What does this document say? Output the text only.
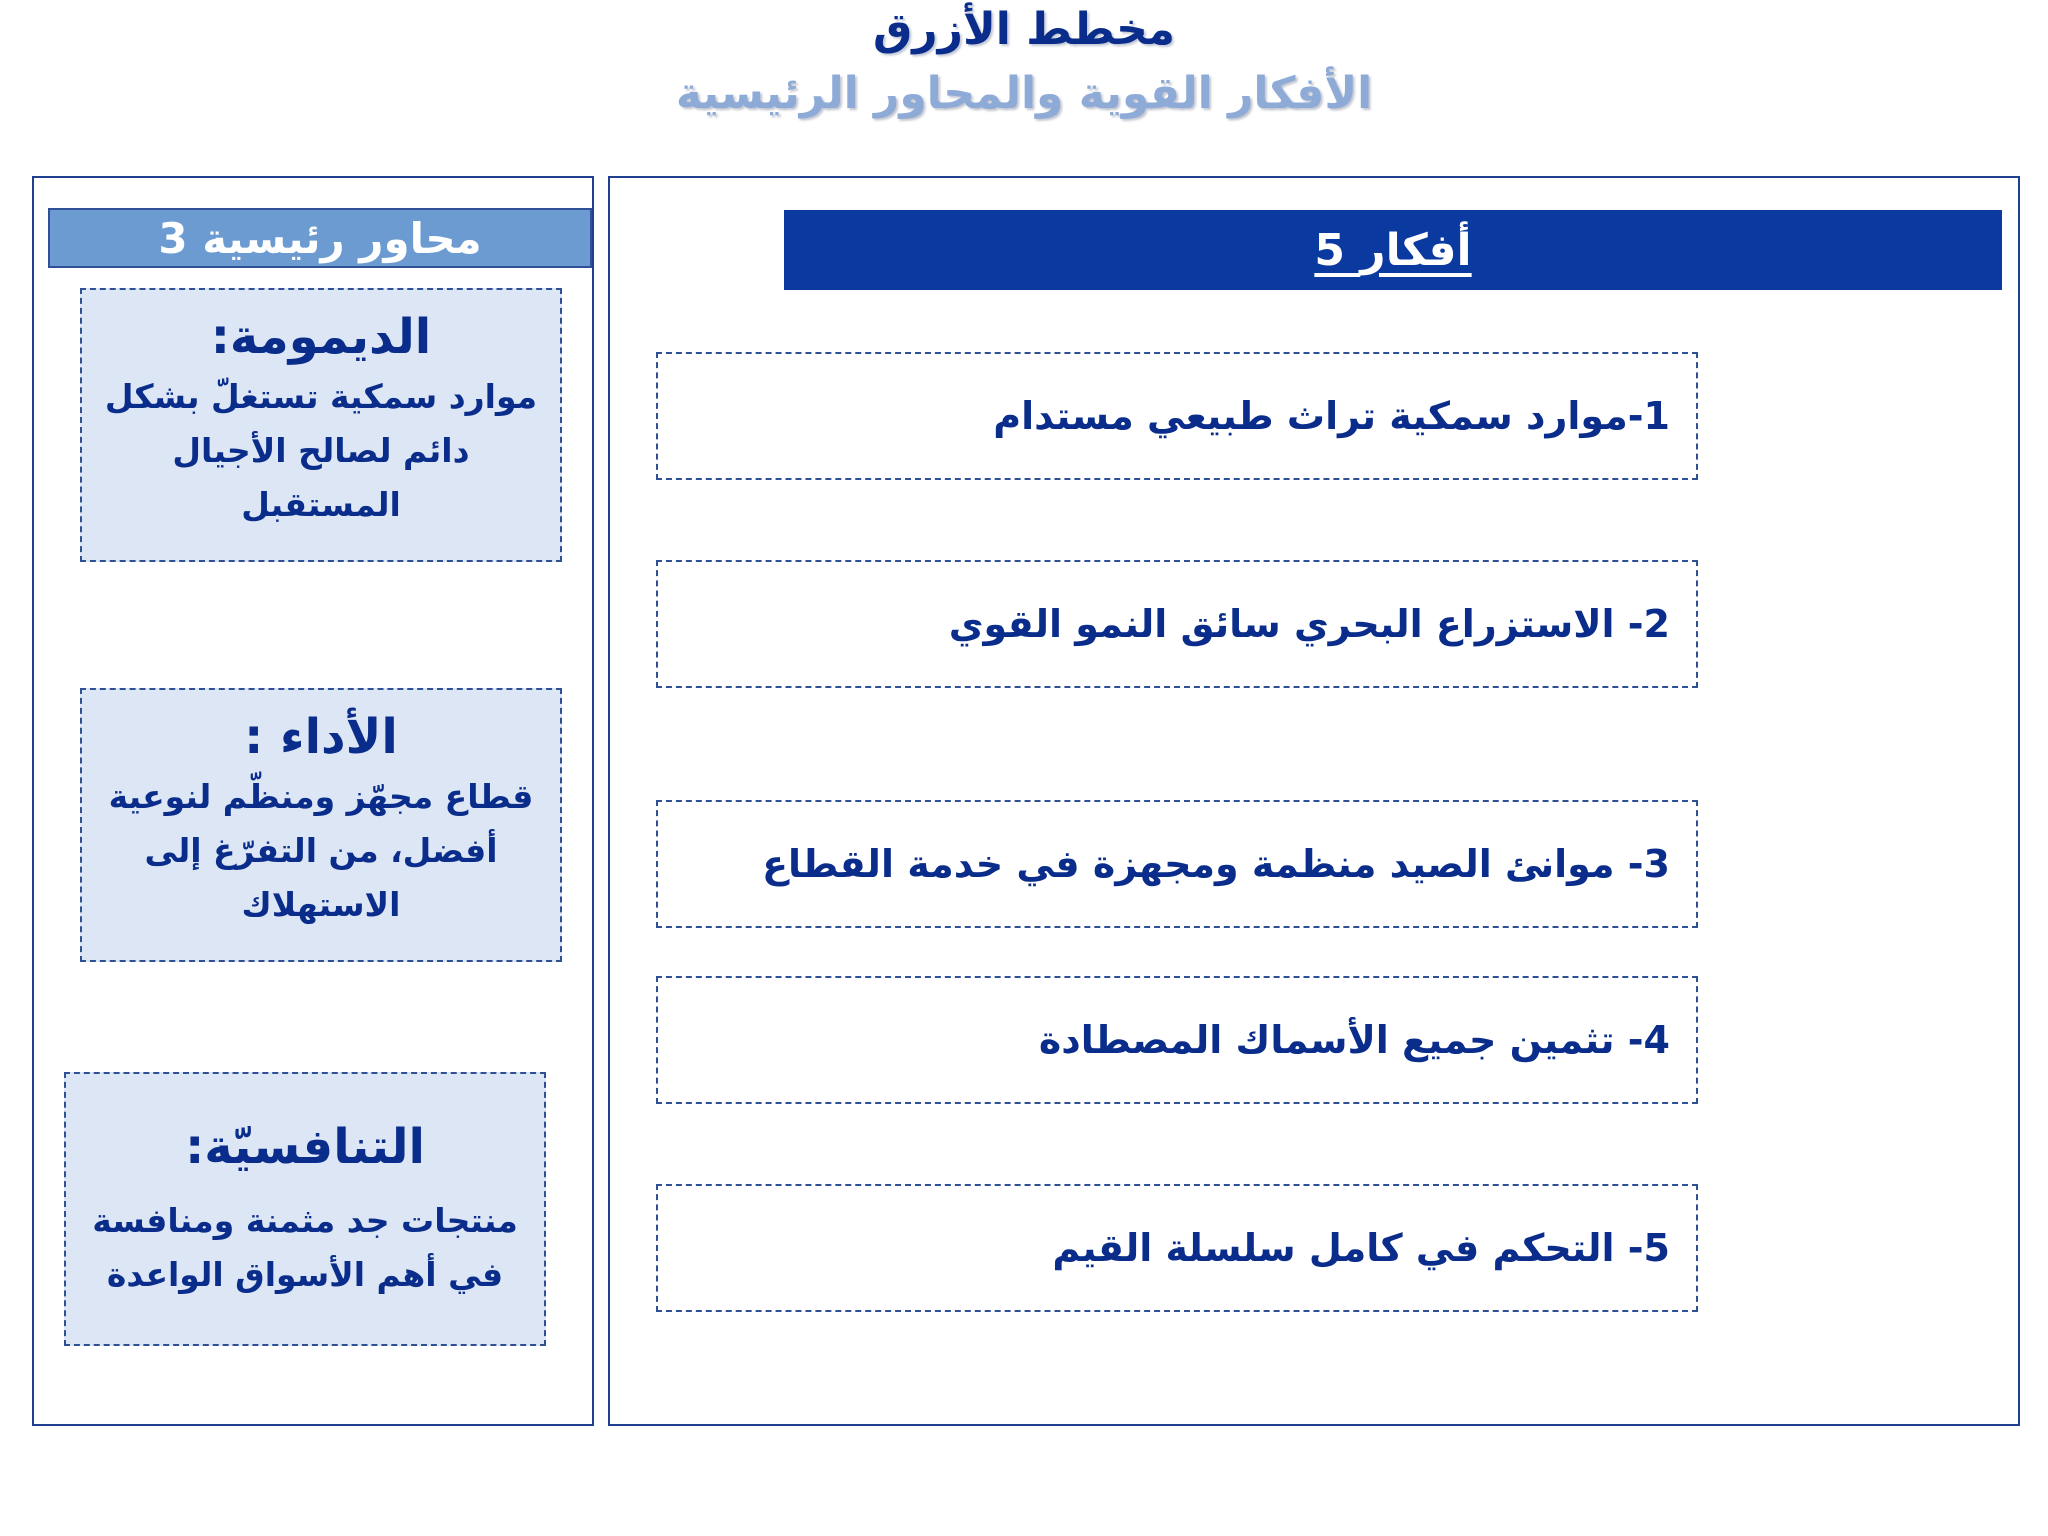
مخطط الأزرق
الأفكار القوية والمحاور الرئيسية
3 محاور رئيسية	5 أفكار
الديمومة:
موارد سمكية تستغلّ بشكل
دائم لصالح الأجيال
المستقبل
الأداء :
قطاع مجهّز ومنظّم لنوعية
أفضل، من التفرّغ إلى
الاستهلاك
التنافسيّة:
منتجات جد مثمنة ومنافسة
في أهم الأسواق الواعدة
1-موارد سمكية تراث طبيعي مستدام
2- الاستزراع البحري سائق النمو القوي
3- موانئ الصيد منظمة ومجهزة في خدمة القطاع
4- تثمين جميع الأسماك المصطادة
5- التحكم في كامل سلسلة القيم
